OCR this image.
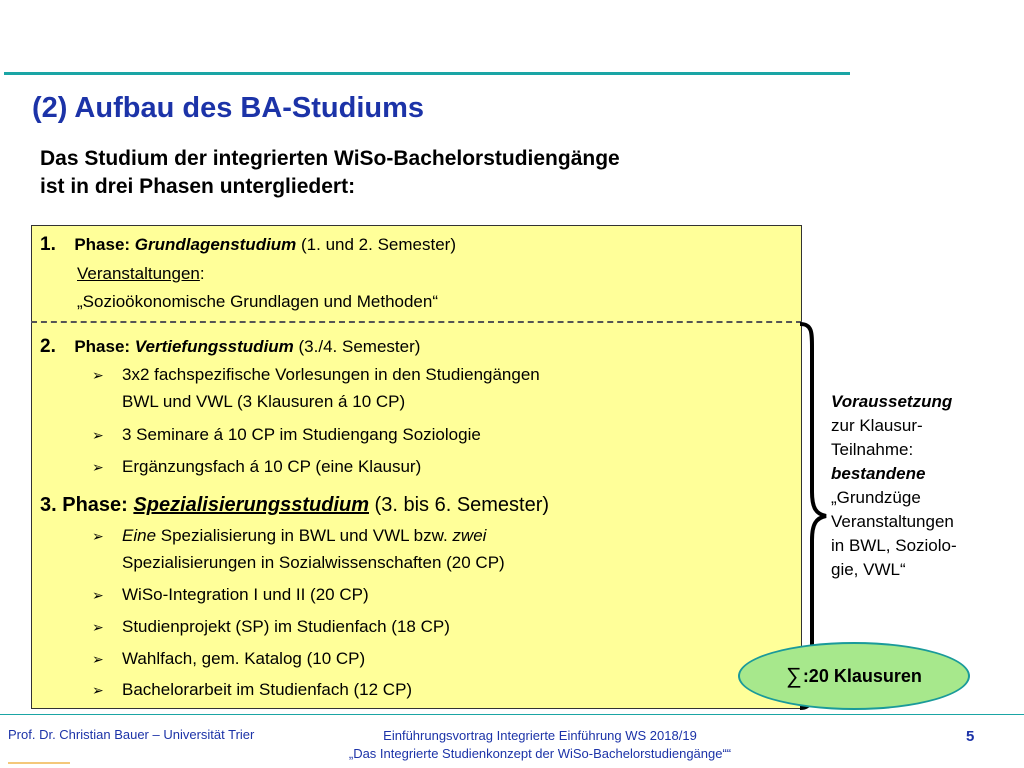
(2) Aufbau des BA-Studiums
Das Studium der integrierten WiSo-Bachelorstudiengänge
ist in drei Phasen untergliedert:
1. Phase: Grundlagenstudium (1. und 2. Semester)
Veranstaltungen:
„Sozioökonomische Grundlagen und Methoden“
2. Phase: Vertiefungsstudium (3./4. Semester)
➢ 3x2 fachspezifische Vorlesungen in den Studiengängen
BWL und VWL (3 Klausuren á 10 CP)
➢ 3 Seminare á 10 CP im Studiengang Soziologie
➢ Ergänzungsfach á 10 CP (eine Klausur)
3. Phase: Spezialisierungsstudium (3. bis 6. Semester)
➢ Eine Spezialisierung in BWL und VWL bzw. zwei
Spezialisierungen in Sozialwissenschaften (20 CP)
➢ WiSo-Integration I und II (20 CP)
➢ Studienprojekt (SP) im Studienfach (18 CP)
➢ Wahlfach, gem. Katalog (10 CP)
➢ Bachelorarbeit im Studienfach (12 CP)
Voraussetzung
zur Klausur-
Teilnahme:
bestandene
„Grundzüge
Veranstaltungen
in BWL, Soziolo-
gie, VWL“
∑ :20 Klausuren
Prof. Dr. Christian Bauer – Universität Trier	Einführungsvortrag Integrierte Einführung WS 2018/19
„Das Integrierte Studienkonzept der WiSo-Bachelorstudiengänge““
5
